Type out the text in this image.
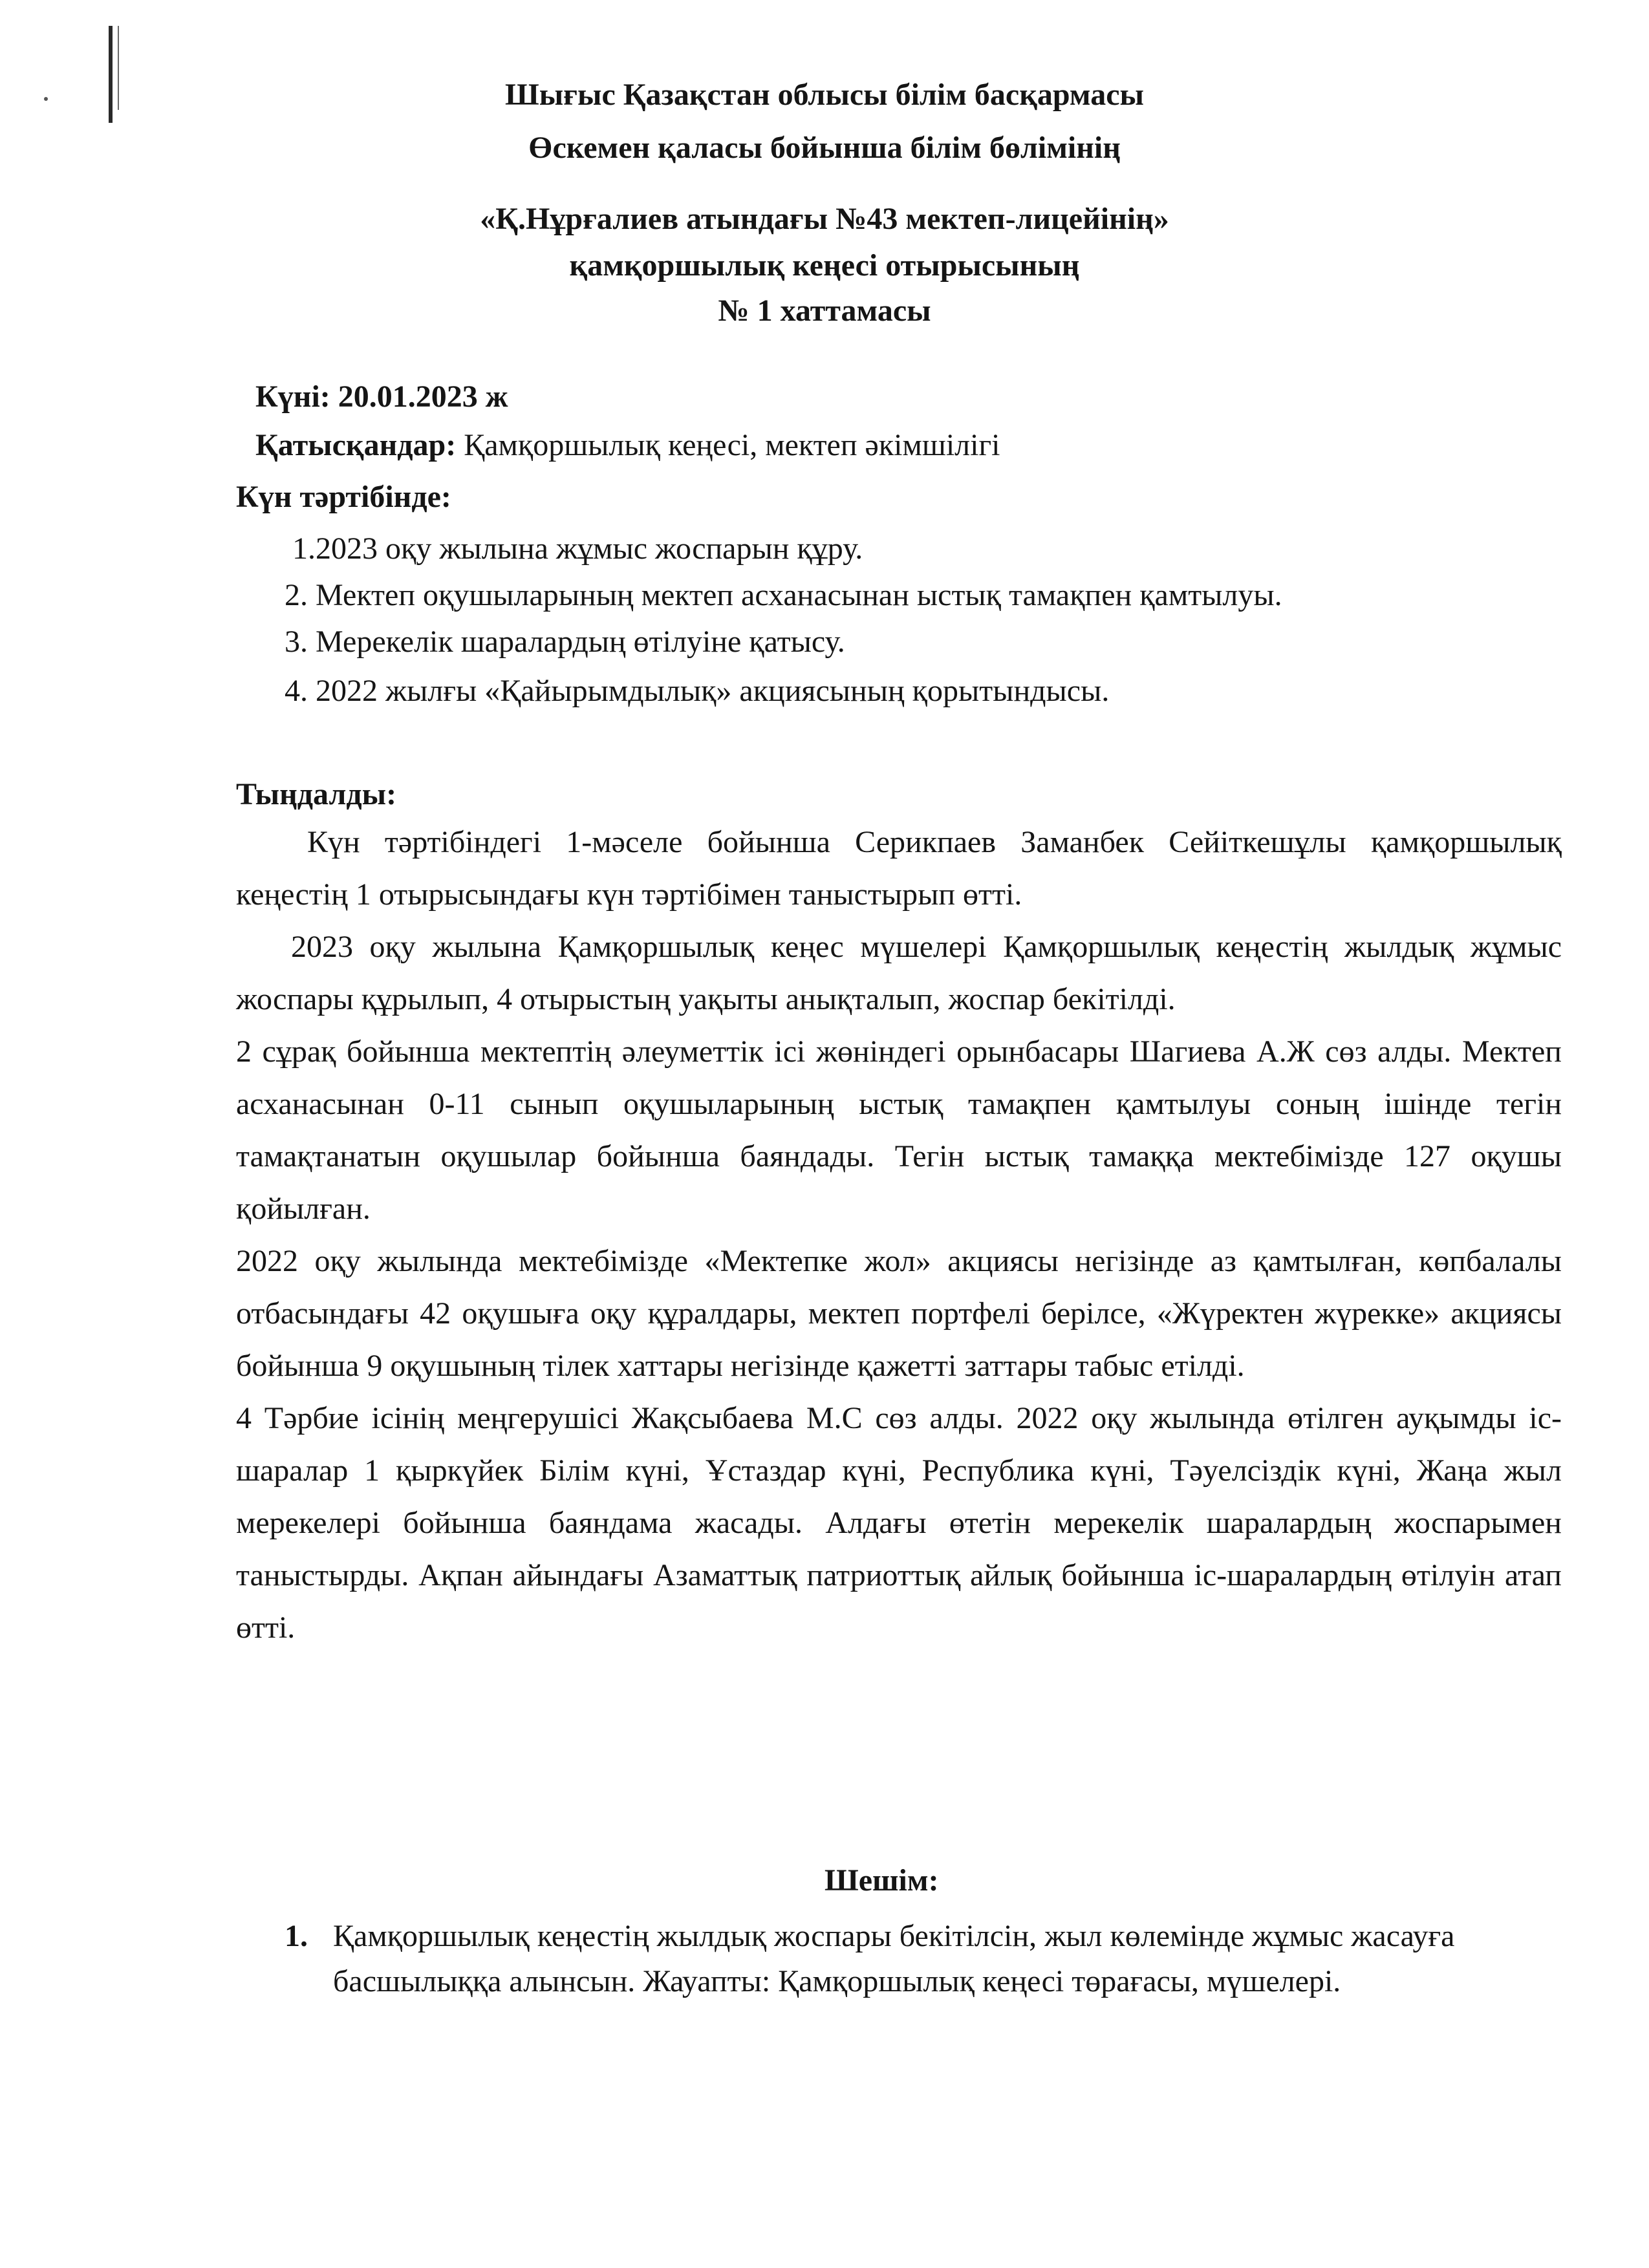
Шығыс Қазақстан облысы білім басқармасы
Өскемен қаласы бойынша білім бөлімінің
«Қ.Нұрғалиев атындағы №43 мектеп-лицейінің»
қамқоршылық кеңесі отырысының
№ 1 хаттамасы
Күні: 20.01.2023 ж
Қатысқандар: Қамқоршылық кеңесі, мектеп әкімшілігі
Күн тәртібінде:
1.2023 оқу жылына жұмыс жоспарын құру.
2. Мектеп оқушыларының мектеп асханасынан ыстық тамақпен қамтылуы.
3. Мерекелік шаралардың өтілуіне қатысу.
4. 2022 жылғы «Қайырымдылық» акциясының қорытындысы.
Тыңдалды:

Күн тәртібіндегі 1-мәселе бойынша Серикпаев Заманбек Сейіткешұлы қамқоршылық кеңестің 1 отырысындағы күн тәртібімен таныстырып өтті.

2023 оқу жылына Қамқоршылық кеңес мүшелері Қамқоршылық кеңестің жылдық жұмыс жоспары құрылып, 4 отырыстың уақыты анықталып, жоспар бекітілді.

2 сұрақ бойынша мектептің әлеуметтік ісі жөніндегі орынбасары Шагиева А.Ж сөз алды. Мектеп асханасынан 0-11 сынып оқушыларының ыстық тамақпен қамтылуы соның ішінде тегін тамақтанатын оқушылар бойынша баяндады. Тегін ыстық тамаққа мектебімізде 127 оқушы қойылған.

2022 оқу жылында мектебімізде «Мектепке жол» акциясы негізінде аз қамтылған, көпбалалы отбасындағы 42 оқушыға оқу құралдары, мектеп портфелі берілсе, «Жүректен жүрекке» акциясы бойынша 9 оқушының тілек хаттары негізінде қажетті заттары табыс етілді.

4 Тәрбие ісінің меңгерушісі Жақсыбаева М.С сөз алды. 2022 оқу жылында өтілген ауқымды іс-шаралар 1 қыркүйек Білім күні, Ұстаздар күні, Республика күні, Тәуелсіздік күні, Жаңа жыл мерекелері бойынша баяндама жасады. Алдағы өтетін мерекелік шаралардың жоспарымен таныстырды. Ақпан айындағы Азаматтық патриоттық айлық бойынша іс-шаралардың өтілуін атап өтті.

Шешім:
1. Қамқоршылық кеңестің жылдық жоспары бекітілсін, жыл көлемінде жұмыс жасауға басшылыққа алынсын. Жауапты: Қамқоршылық кеңесі төрағасы, мүшелері.
